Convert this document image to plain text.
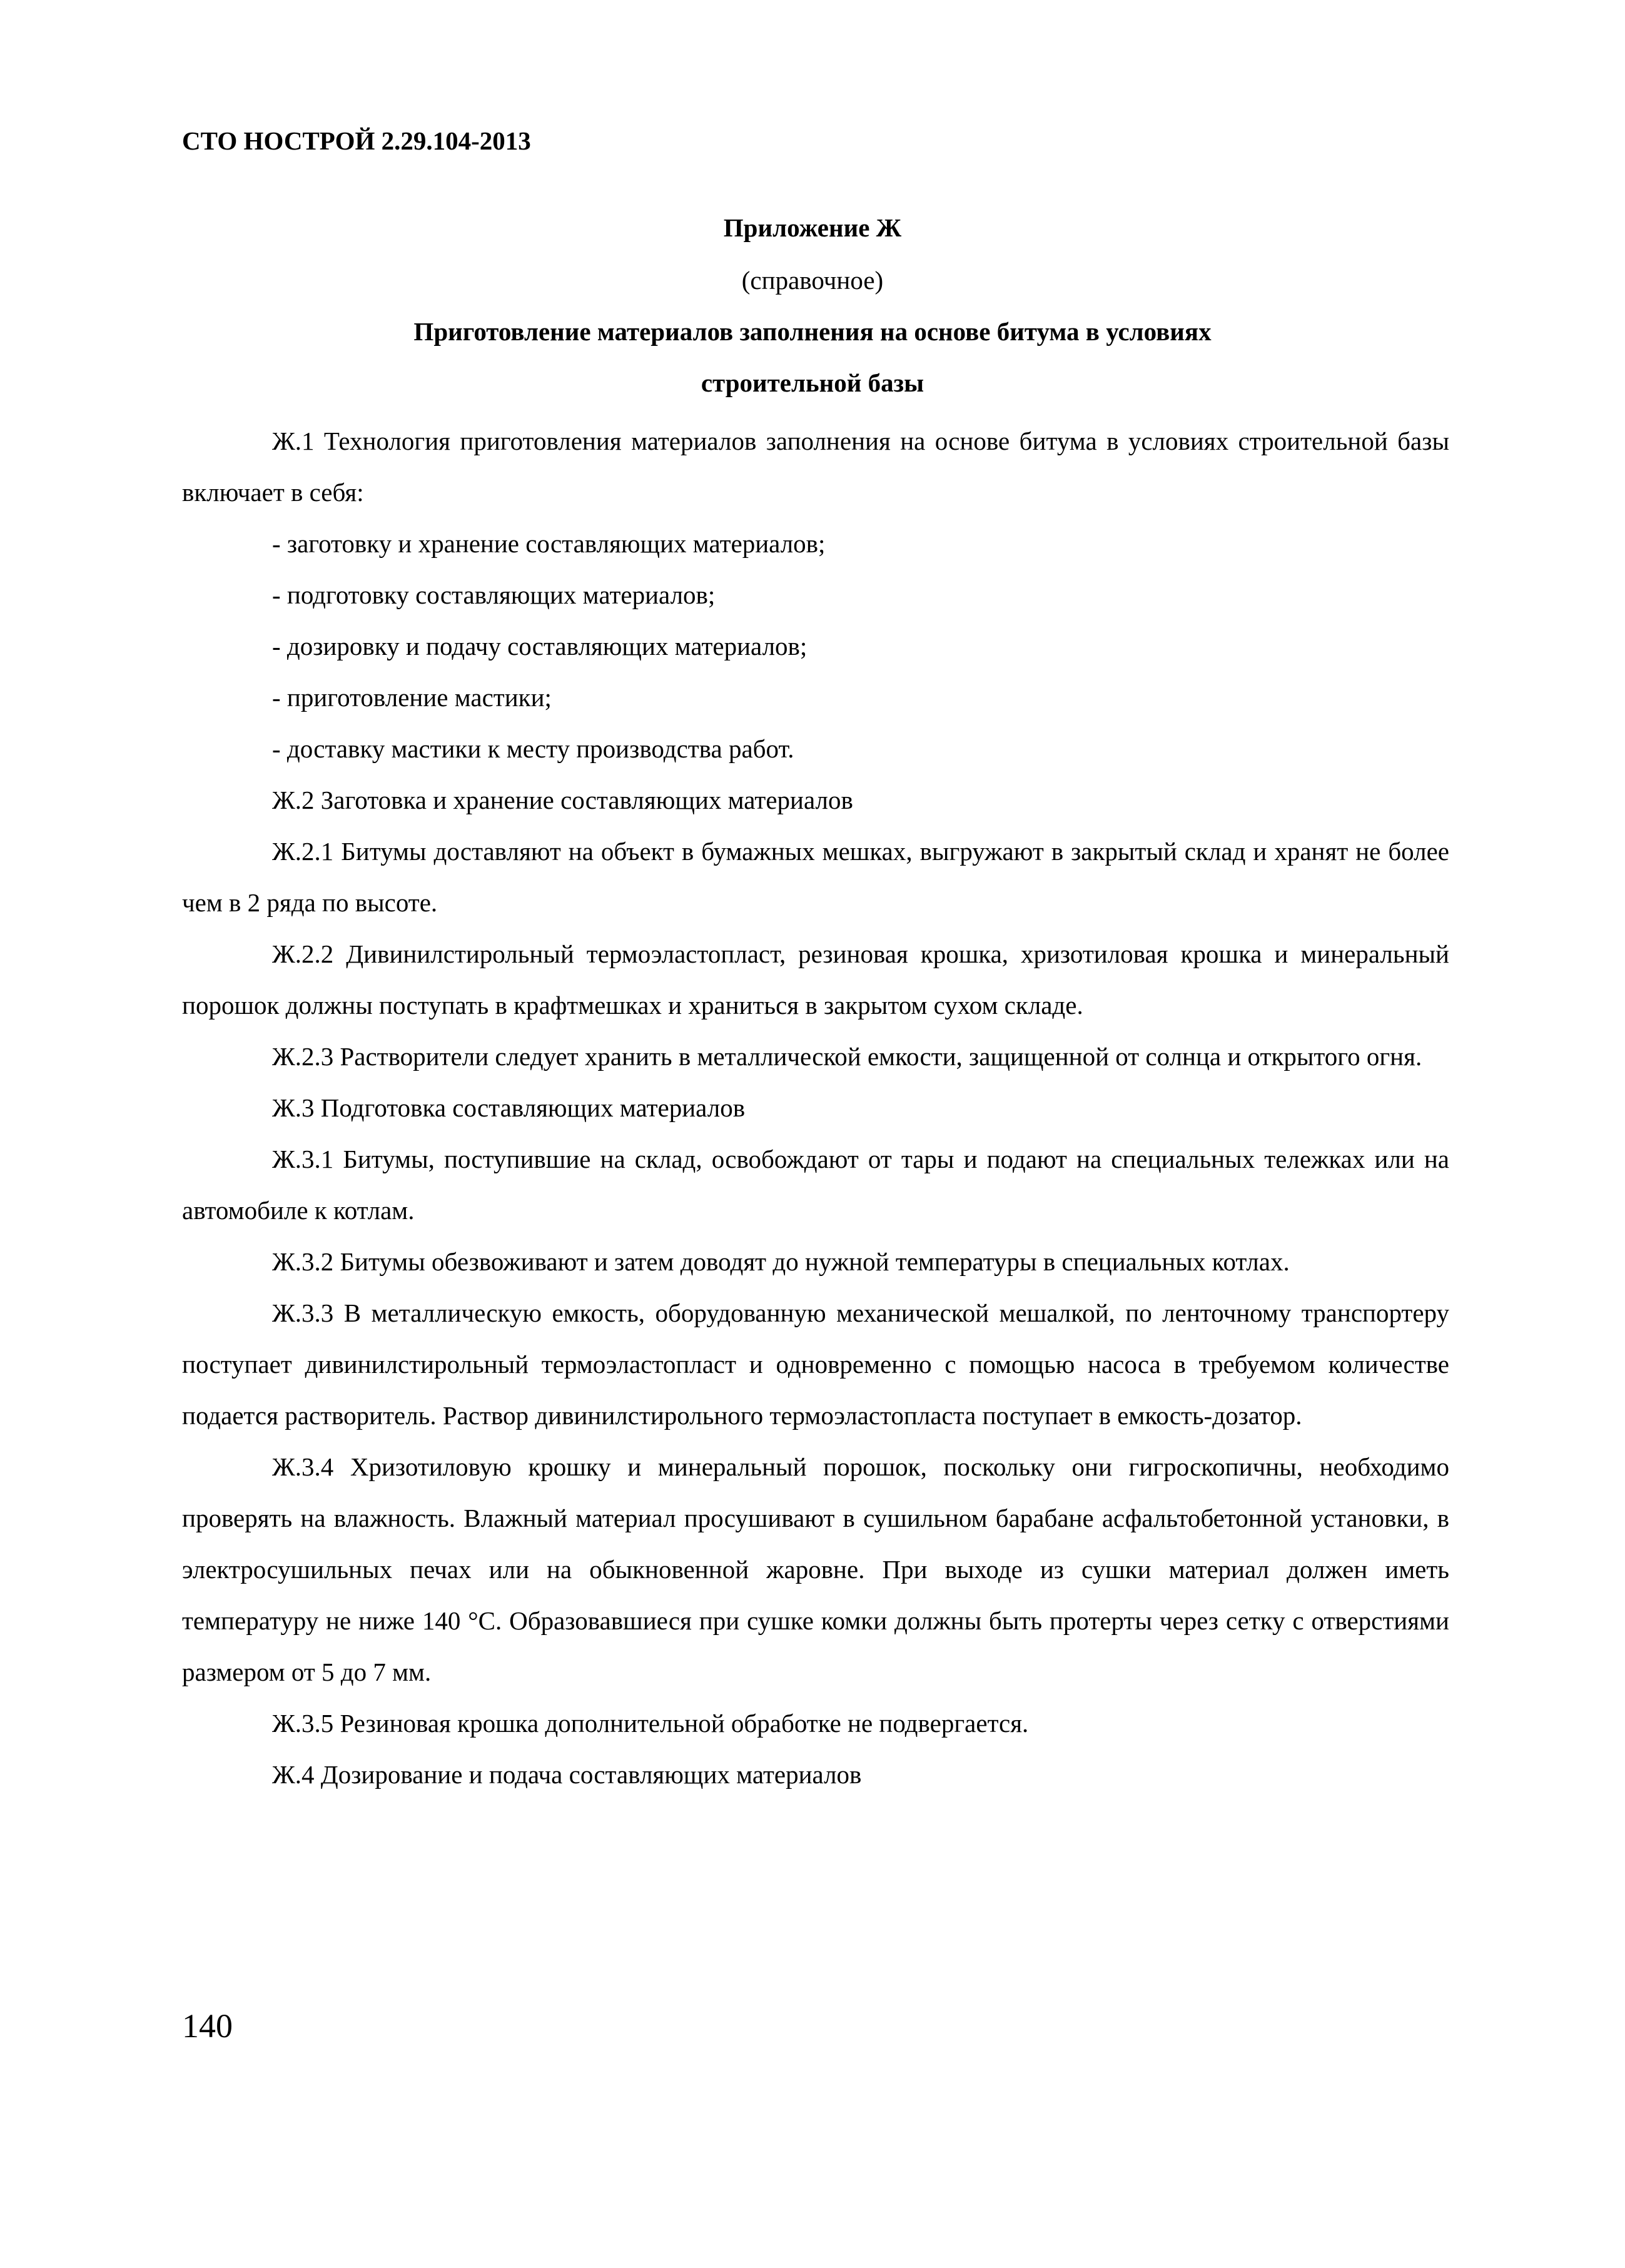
СТО НОСТРОЙ 2.29.104-2013
Приложение Ж
(справочное)
Приготовление материалов заполнения на основе битума в условиях
строительной базы

Ж.1 Технология приготовления материалов заполнения на основе битума в условиях строительной базы включает в себя:

- заготовку и хранение составляющих материалов;

- подготовку составляющих материалов;

- дозировку и подачу составляющих материалов;

- приготовление мастики;

- доставку мастики к месту производства работ.

Ж.2 Заготовка и хранение составляющих материалов

Ж.2.1 Битумы доставляют на объект в бумажных мешках, выгружают в закрытый склад и хранят не более чем в 2 ряда по высоте.

Ж.2.2 Дивинилстирольный термоэластопласт, резиновая крошка, хризотиловая крошка и минеральный порошок должны поступать в крафтмешках и храниться в закрытом сухом складе.

Ж.2.3 Растворители следует хранить в металлической емкости, защищенной от солнца и открытого огня.

Ж.3 Подготовка составляющих материалов

Ж.3.1 Битумы, поступившие на склад, освобождают от тары и подают на специальных тележках или на автомобиле к котлам.

Ж.3.2 Битумы обезвоживают и затем доводят до нужной температуры в специальных котлах.

Ж.3.3 В металлическую емкость, оборудованную механической мешалкой, по ленточному транспортеру поступает дивинилстирольный термоэластопласт и одновременно с помощью насоса в требуемом количестве подается растворитель. Раствор дивинилстирольного термоэластопласта поступает в емкость-дозатор.

Ж.3.4 Хризотиловую крошку и минеральный порошок, поскольку они гигроскопичны, необходимо проверять на влажность. Влажный материал просушивают в сушильном барабане асфальтобетонной установки, в электросушильных печах или на обыкновенной жаровне. При выходе из сушки материал должен иметь температуру не ниже 140 °С. Образовавшиеся при сушке комки должны быть протерты через сетку с отверстиями размером от 5 до 7 мм.

Ж.3.5 Резиновая крошка дополнительной обработке не подвергается.

Ж.4 Дозирование и подача составляющих материалов

140
